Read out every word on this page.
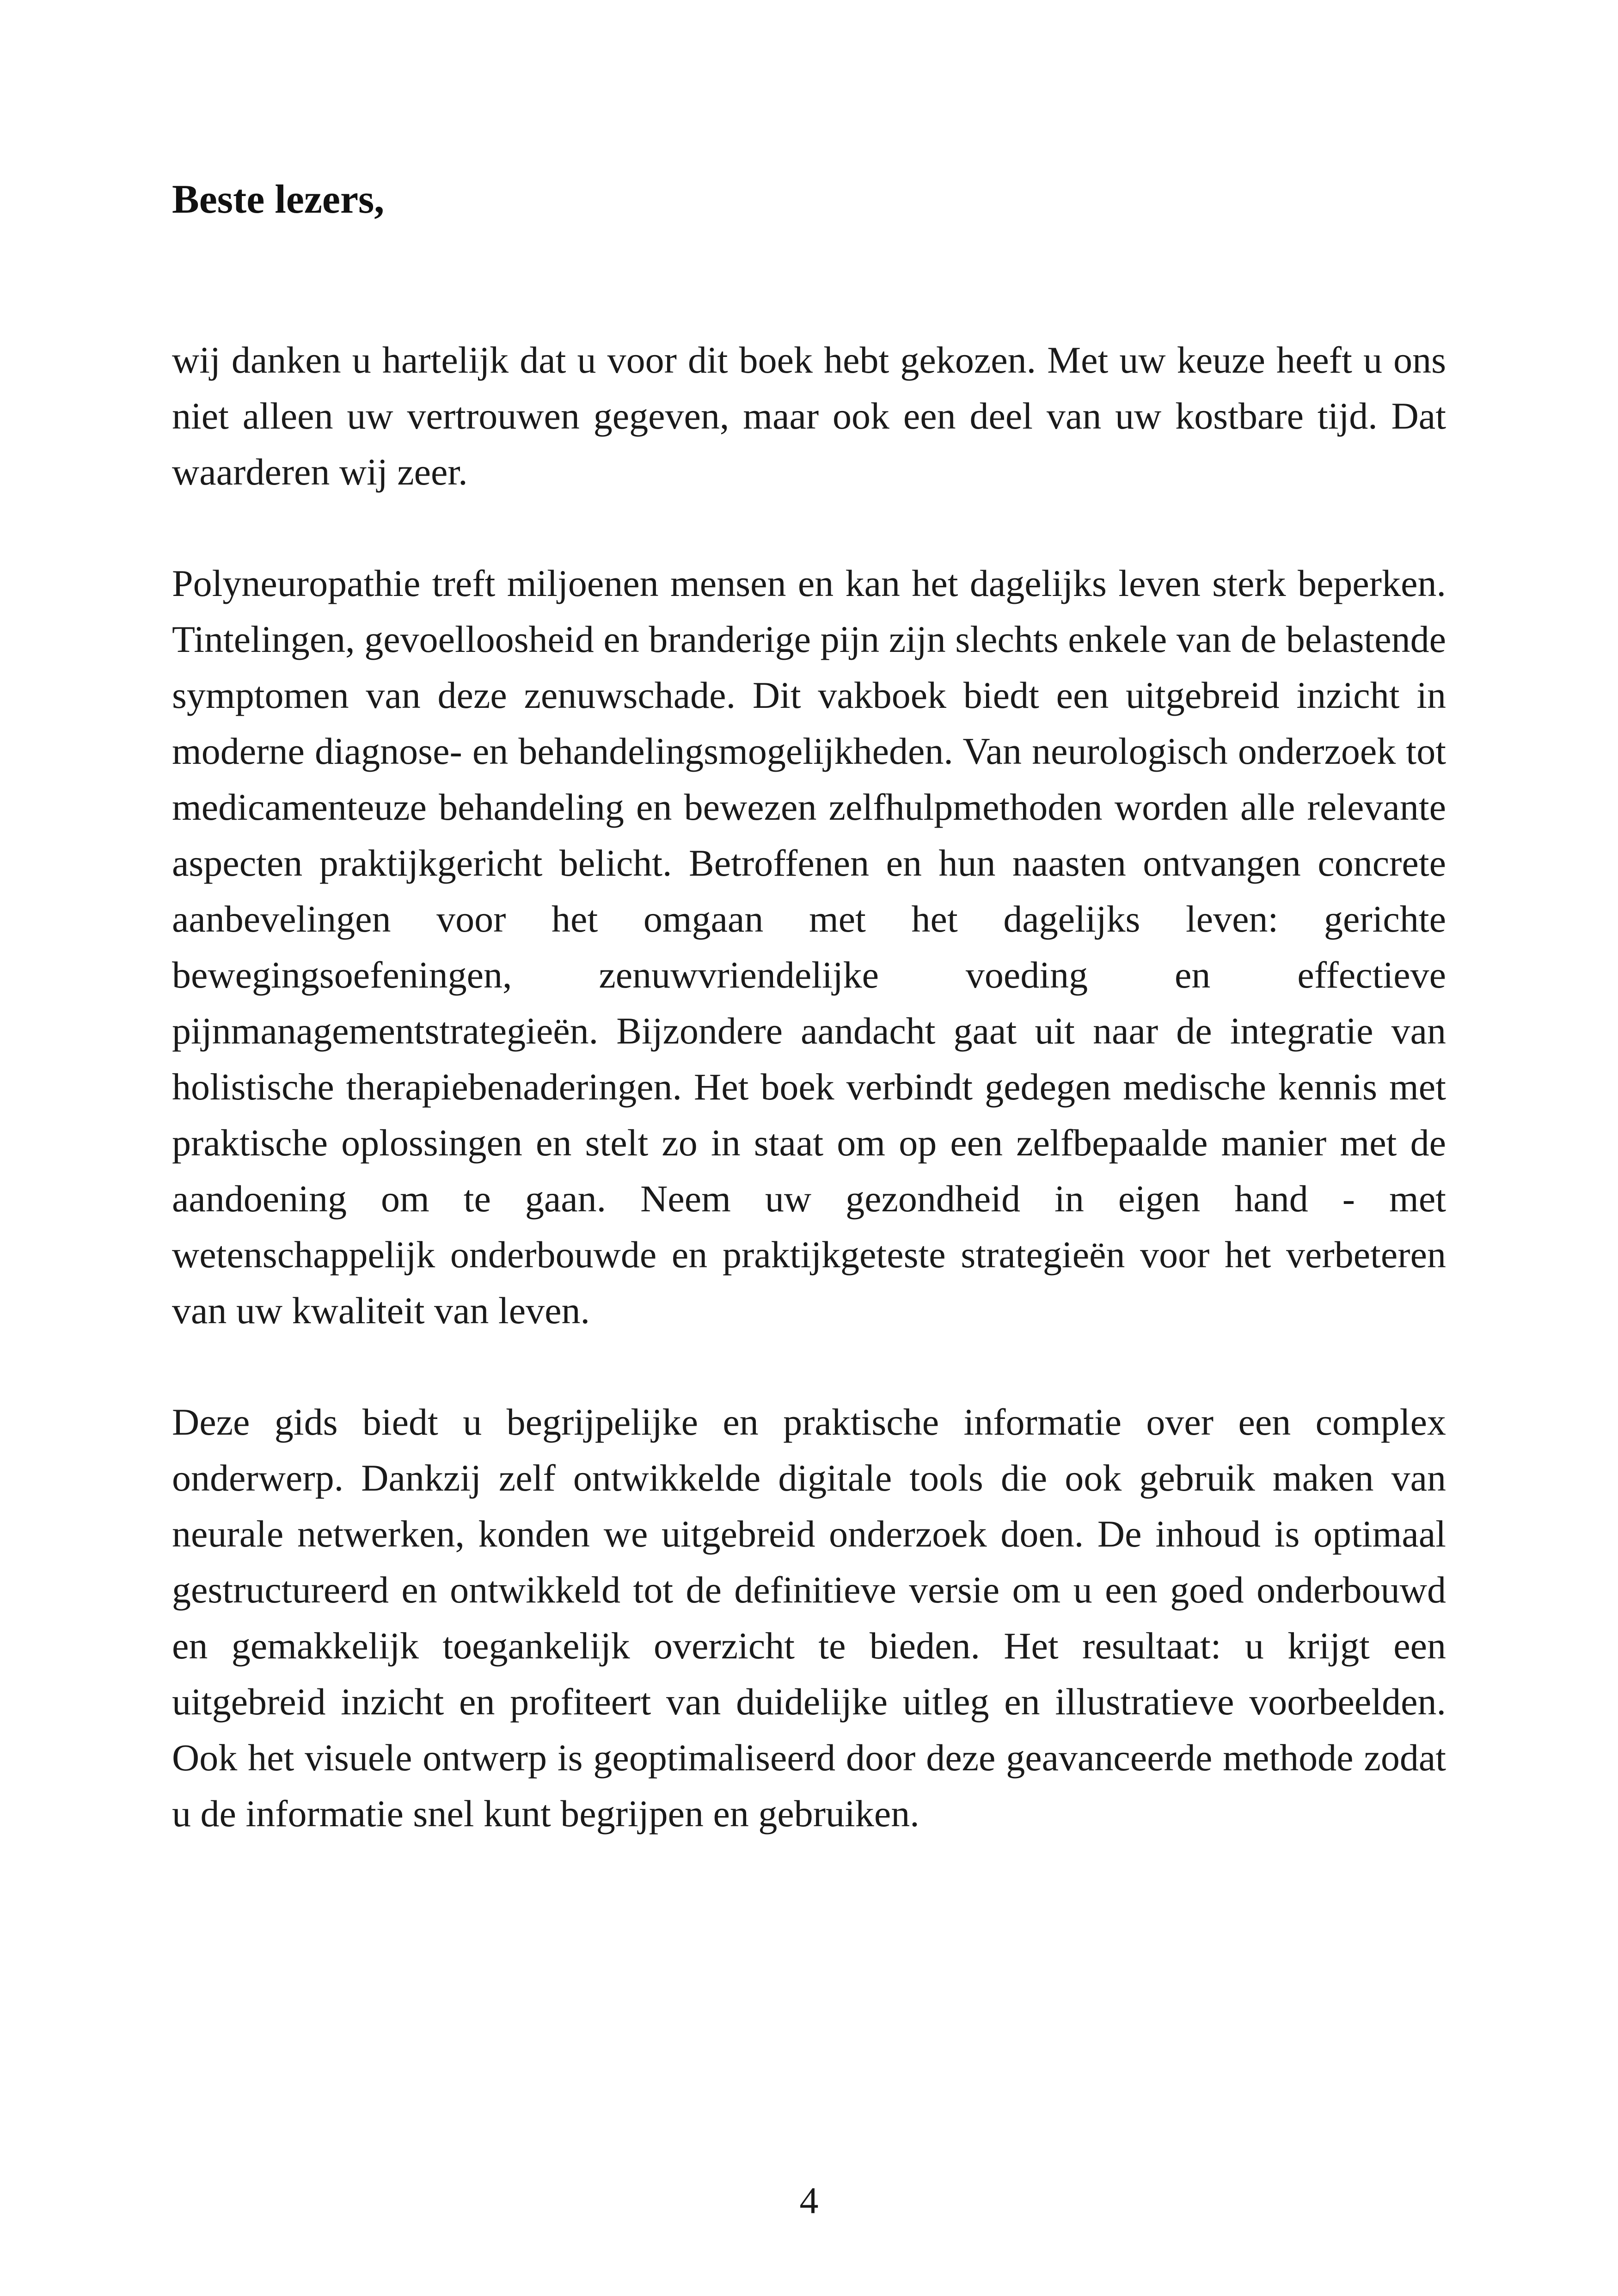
Beste lezers,

wij danken u hartelijk dat u voor dit boek hebt gekozen. Met uw keuze heeft u ons niet alleen uw vertrouwen gegeven, maar ook een deel van uw kostbare tijd. Dat waarderen wij zeer.

Polyneuropathie treft miljoenen mensen en kan het dagelijks leven sterk beperken. Tintelingen, gevoelloosheid en branderige pijn zijn slechts enkele van de belastende symptomen van deze zenuwschade. Dit vakboek biedt een uitgebreid inzicht in moderne diagnose- en behandelingsmogelijkheden. Van neurologisch onderzoek tot medicamenteuze behandeling en bewezen zelfhulpmethoden worden alle relevante aspecten praktijkgericht belicht. Betroffenen en hun naasten ontvangen concrete aanbevelingen voor het omgaan met het dagelijks leven: gerichte bewegingsoefeningen, zenuwvriendelijke voeding en effectieve pijnmanagementstrategieën. Bijzondere aandacht gaat uit naar de integratie van holistische therapiebenaderingen. Het boek verbindt gedegen medische kennis met praktische oplossingen en stelt zo in staat om op een zelfbepaalde manier met de aandoening om te gaan. Neem uw gezondheid in eigen hand - met wetenschappelijk onderbouwde en praktijkgeteste strategieën voor het verbeteren van uw kwaliteit van leven.

Deze gids biedt u begrijpelijke en praktische informatie over een complex onderwerp. Dankzij zelf ontwikkelde digitale tools die ook gebruik maken van neurale netwerken, konden we uitgebreid onderzoek doen. De inhoud is optimaal gestructureerd en ontwikkeld tot de definitieve versie om u een goed onderbouwd en gemakkelijk toegankelijk overzicht te bieden. Het resultaat: u krijgt een uitgebreid inzicht en profiteert van duidelijke uitleg en illustratieve voorbeelden. Ook het visuele ontwerp is geoptimaliseerd door deze geavanceerde methode zodat u de informatie snel kunt begrijpen en gebruiken.

4
